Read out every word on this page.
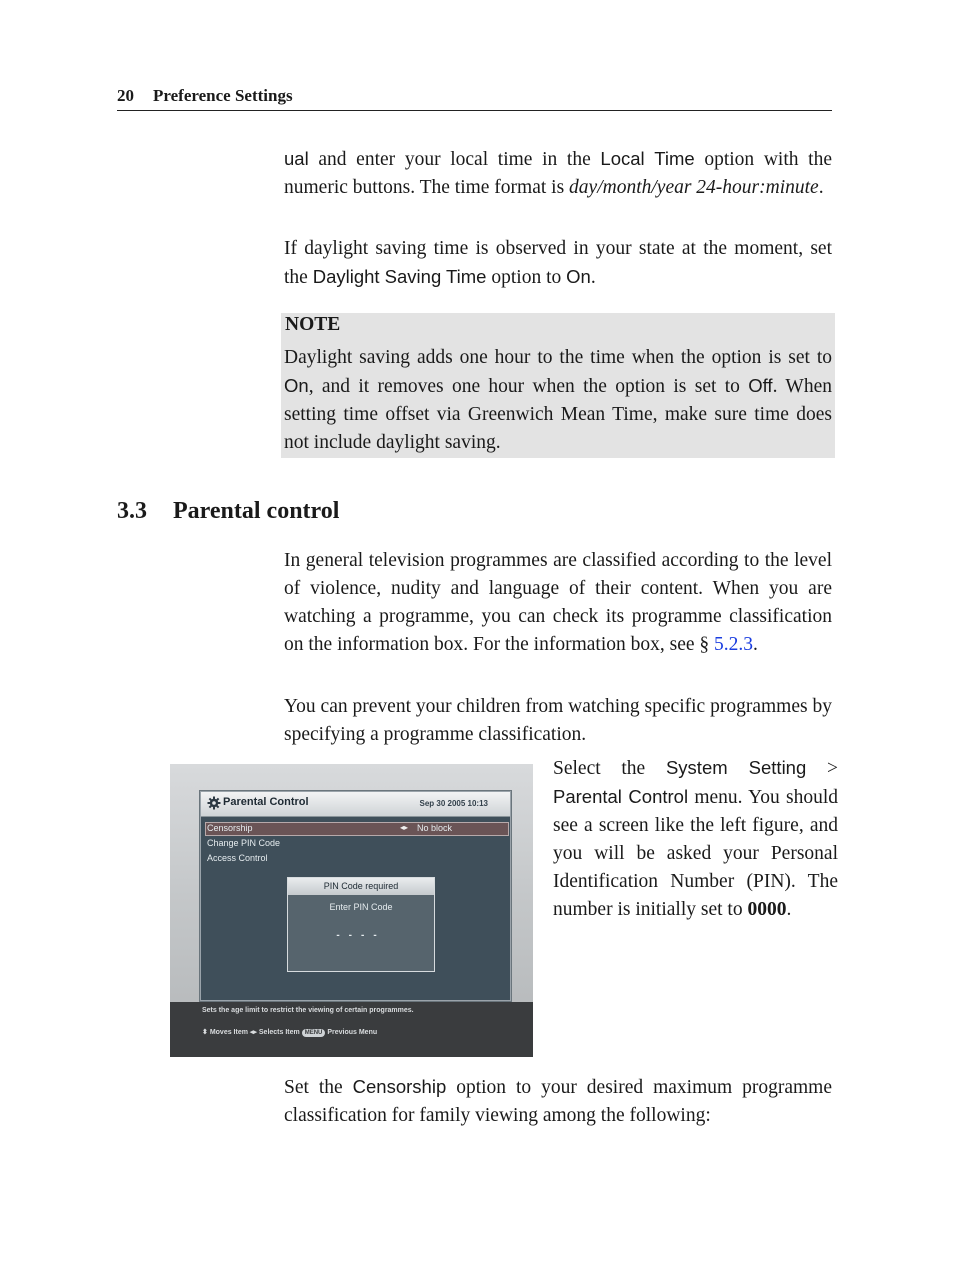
20 Preference Settings
ual and enter your local time in the Local Time option with the numeric buttons. The time format is day/month/year 24-hour:minute.
If daylight saving time is observed in your state at the moment, set the Daylight Saving Time option to On.
NOTE
Daylight saving adds one hour to the time when the option is set to On, and it removes one hour when the option is set to Off. When setting time offset via Greenwich Mean Time, make sure time does not include daylight saving.
3.3 Parental control
In general television programmes are classified according to the level of violence, nudity and language of their content. When you are watching a programme, you can check its programme classification on the information box. For the information box, see § 5.2.3.
You can prevent your children from watching specific programmes by specifying a programme classification.
Parental Control	Sep 30 2005 10:13
Censorship	◂▸ No block
Change PIN Code
Access Control
PIN Code required
Enter PIN Code
----
Sets the age limit to restrict the viewing of certain programmes.
⬍ Moves Item ◂▸ Selects Item MENU Previous Menu
Select the System Setting > Parental Control menu. You should see a screen like the left figure, and you will be asked your Personal Identification Number (PIN). The number is initially set to 0000.
Set the Censorship option to your desired maximum programme classification for family viewing among the following:
